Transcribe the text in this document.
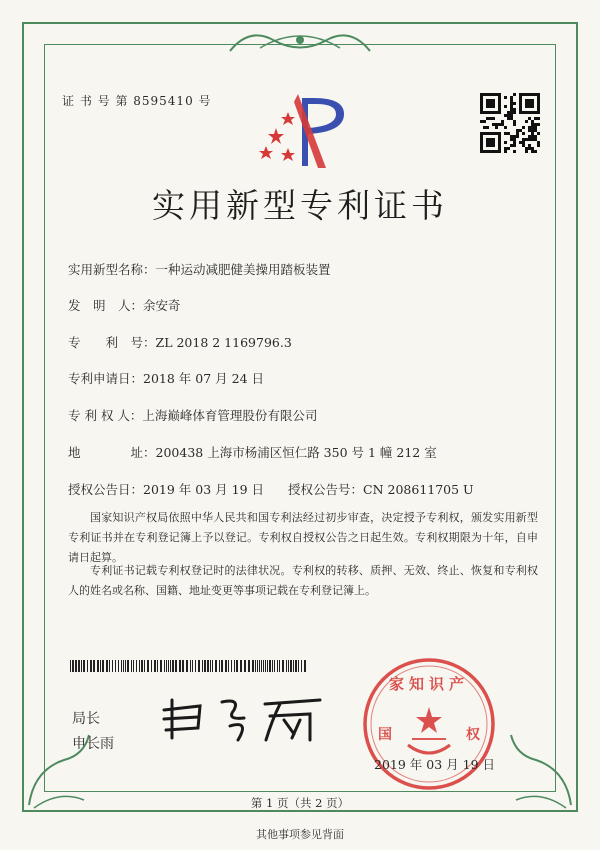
证 书 号 第 8595410 号
实用新型专利证书
实用新型名称：一种运动减肥健美操用踏板装置
发　明　人：余安奇
专　　利　号：ZL 2018 2 1169796.3
专利申请日：2018 年 07 月 24 日
专 利 权 人：上海巅峰体育管理股份有限公司
地　　　　址：200438 上海市杨浦区恒仁路 350 号 1 幢 212 室
授权公告日：2019 年 03 月 19 日 授权公告号：CN 208611705 U

国家知识产权局依照中华人民共和国专利法经过初步审查，决定授予专利权，颁发实用新型专利证书并在专利登记簿上予以登记。专利权自授权公告之日起生效。专利权期限为十年，自申请日起算。

专利证书记载专利权登记时的法律状况。专利权的转移、质押、无效、终止、恢复和专利权人的姓名或名称、国籍、地址变更等事项记载在专利登记簿上。

局长
申长雨
家知识产
国	权
2019 年 03 月 19 日
第 1 页（共 2 页）
其他事项参见背面
